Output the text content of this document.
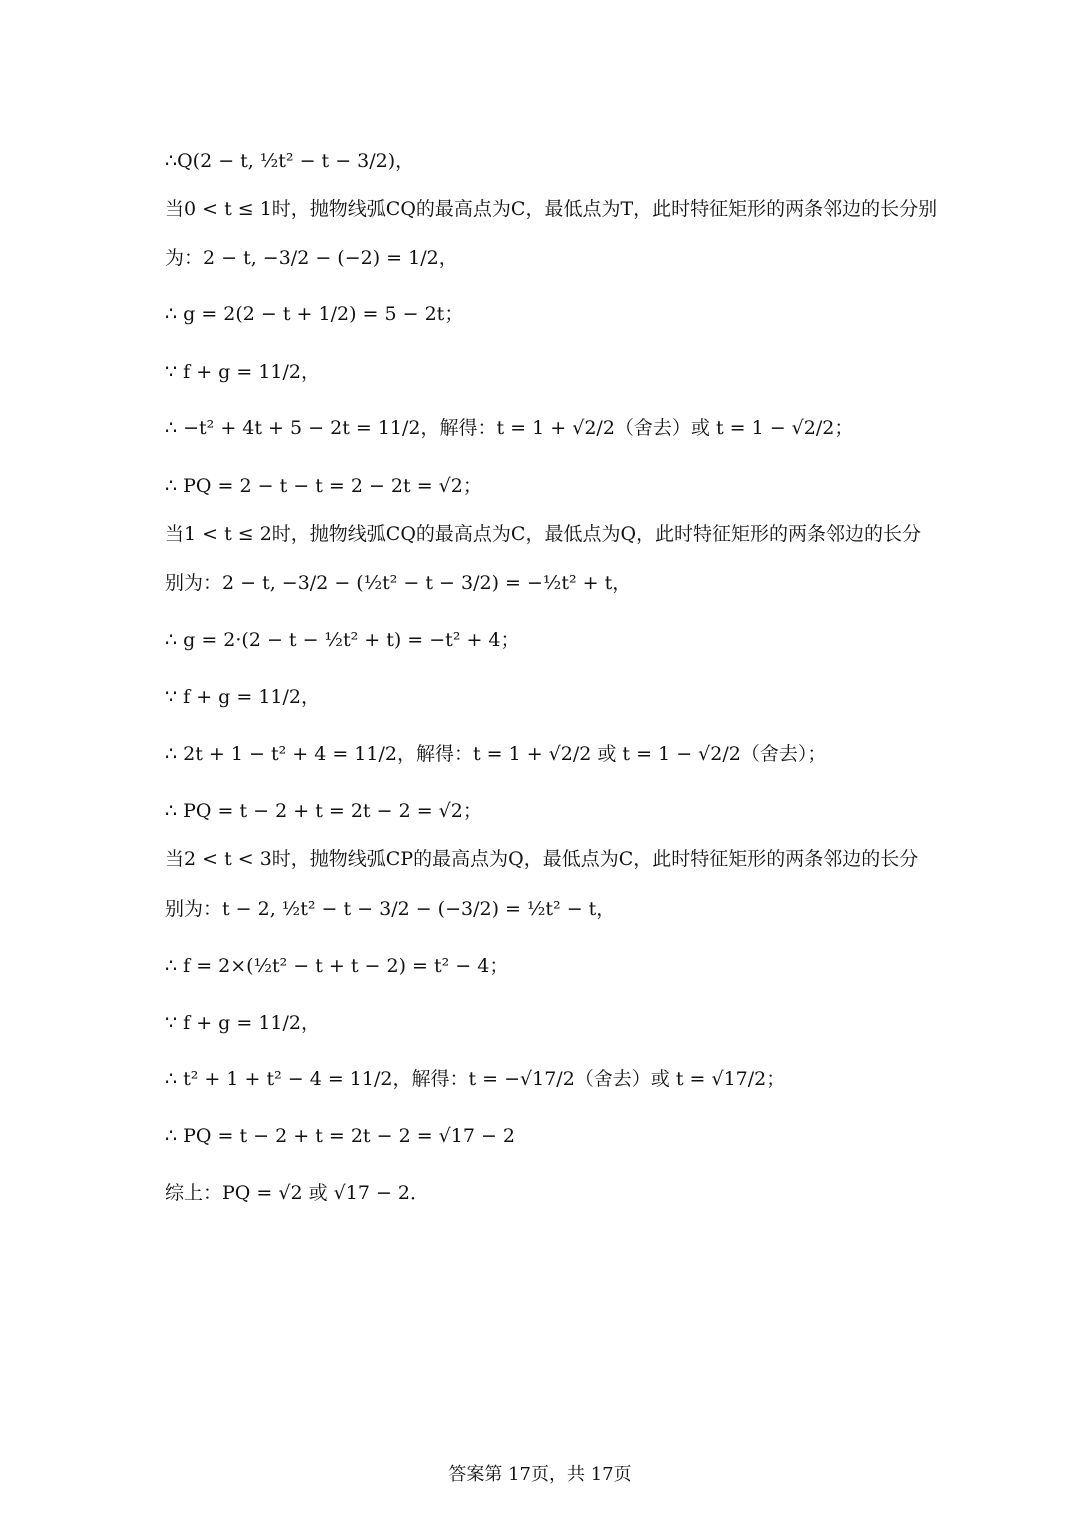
∴Q(2 − t, ½t² − t − 3/2)，
当0 < t ≤ 1时，抛物线弧CQ的最高点为C，最低点为T，此时特征矩形的两条邻边的长分别
为：2 − t, −3/2 − (−2) = 1/2，
∴ g = 2(2 − t + 1/2) = 5 − 2t；
∵ f + g = 11/2，
∴ −t² + 4t + 5 − 2t = 11/2，解得：t = 1 + √2/2（舍去）或 t = 1 − √2/2；
∴ PQ = 2 − t − t = 2 − 2t = √2；
当1 < t ≤ 2时，抛物线弧CQ的最高点为C，最低点为Q，此时特征矩形的两条邻边的长分
别为：2 − t, −3/2 − (½t² − t − 3/2) = −½t² + t，
∴ g = 2·(2 − t − ½t² + t) = −t² + 4；
∵ f + g = 11/2，
∴ 2t + 1 − t² + 4 = 11/2，解得：t = 1 + √2/2 或 t = 1 − √2/2（舍去）；
∴ PQ = t − 2 + t = 2t − 2 = √2；
当2 < t < 3时，抛物线弧CP的最高点为Q，最低点为C，此时特征矩形的两条邻边的长分
别为：t − 2, ½t² − t − 3/2 − (−3/2) = ½t² − t，
∴ f = 2×(½t² − t + t − 2) = t² − 4；
∵ f + g = 11/2，
∴ t² + 1 + t² − 4 = 11/2，解得：t = −√17/2（舍去）或 t = √17/2；
∴ PQ = t − 2 + t = 2t − 2 = √17 − 2
综上：PQ = √2 或 √17 − 2．
答案第 17页，共 17页
